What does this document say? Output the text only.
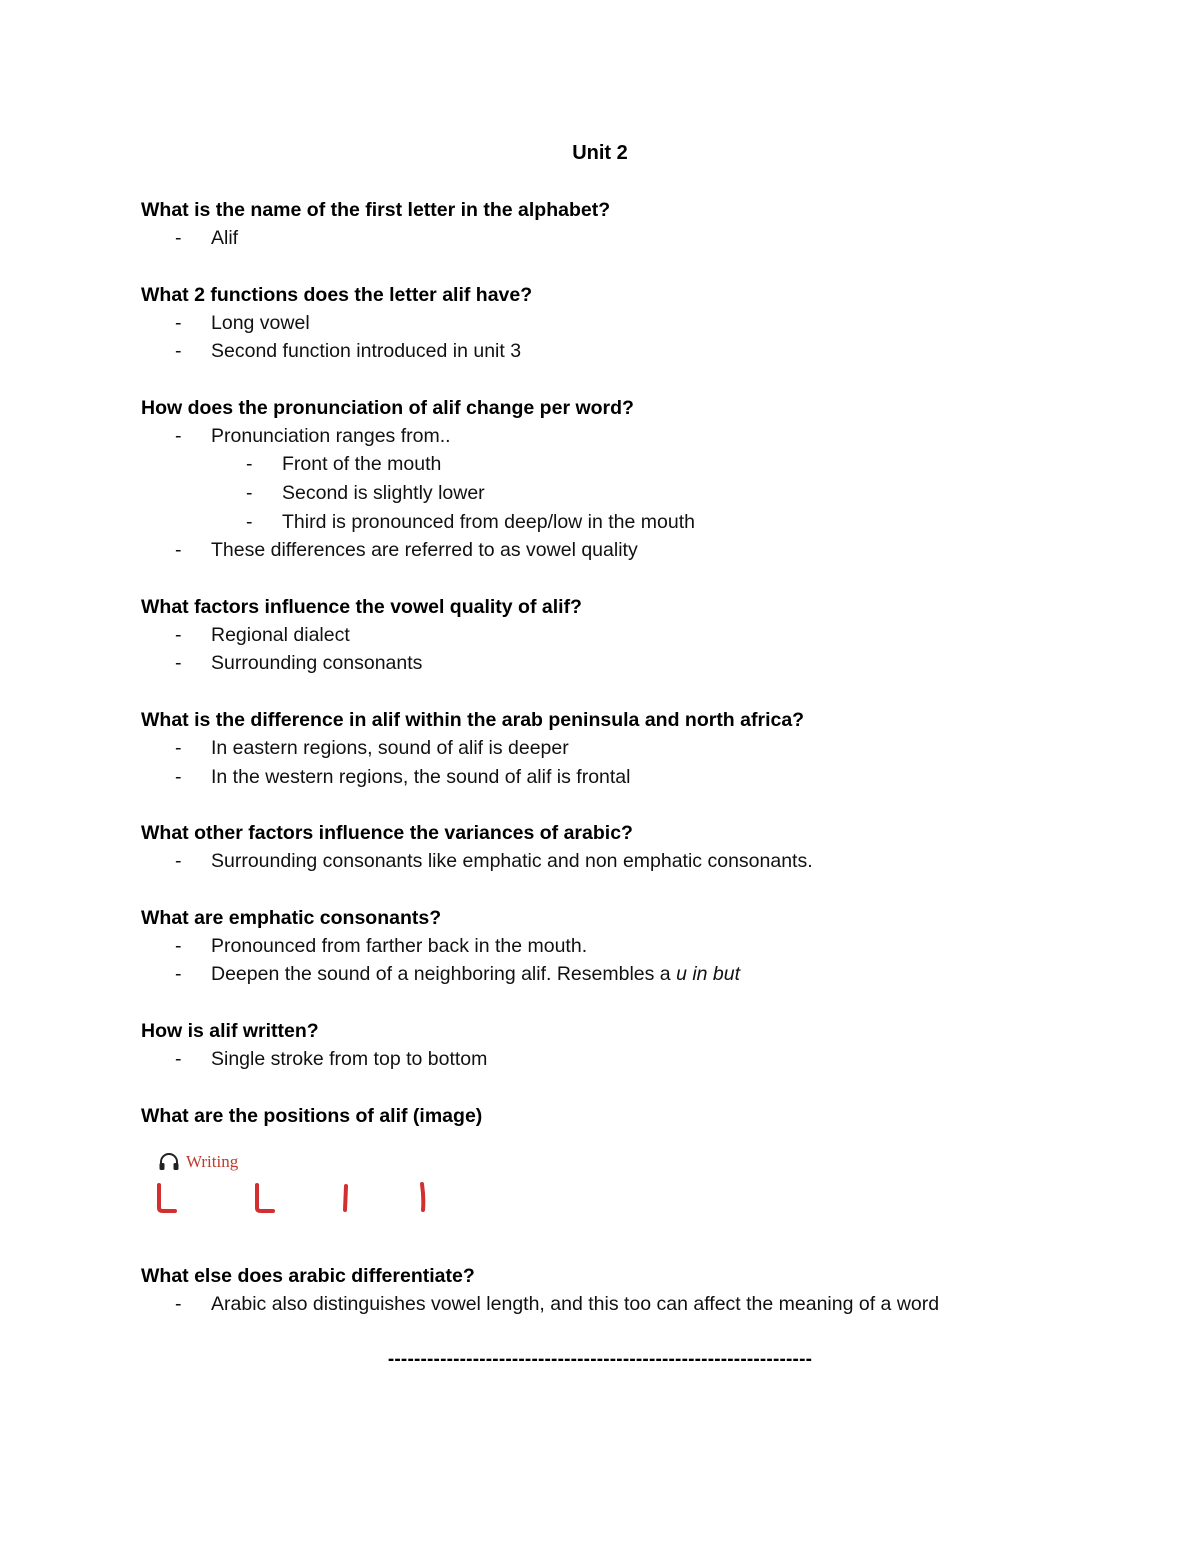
Unit 2
What is the name of the first letter in the alphabet?
- Alif
What 2 functions does the letter alif have?
- Long vowel
- Second function introduced in unit 3
How does the pronunciation of alif change per word?
- Pronunciation ranges from..
- Front of the mouth
- Second is slightly lower
- Third is pronounced from deep/low in the mouth
- These differences are referred to as vowel quality
What factors influence the vowel quality of alif?
- Regional dialect
- Surrounding consonants
What is the difference in alif within the arab peninsula and north africa?
- In eastern regions, sound of alif is deeper
- In the western regions, the sound of alif is frontal
What other factors influence the variances of arabic?
- Surrounding consonants like emphatic and non emphatic consonants.
What are emphatic consonants?
- Pronounced from farther back in the mouth.
- Deepen the sound of a neighboring alif. Resembles a u in but
How is alif written?
- Single stroke from top to bottom
What are the positions of alif (image)
Writing
What else does arabic differentiate?
- Arabic also distinguishes vowel length, and this too can affect the meaning of a word
-----------------------------------------------------------------
